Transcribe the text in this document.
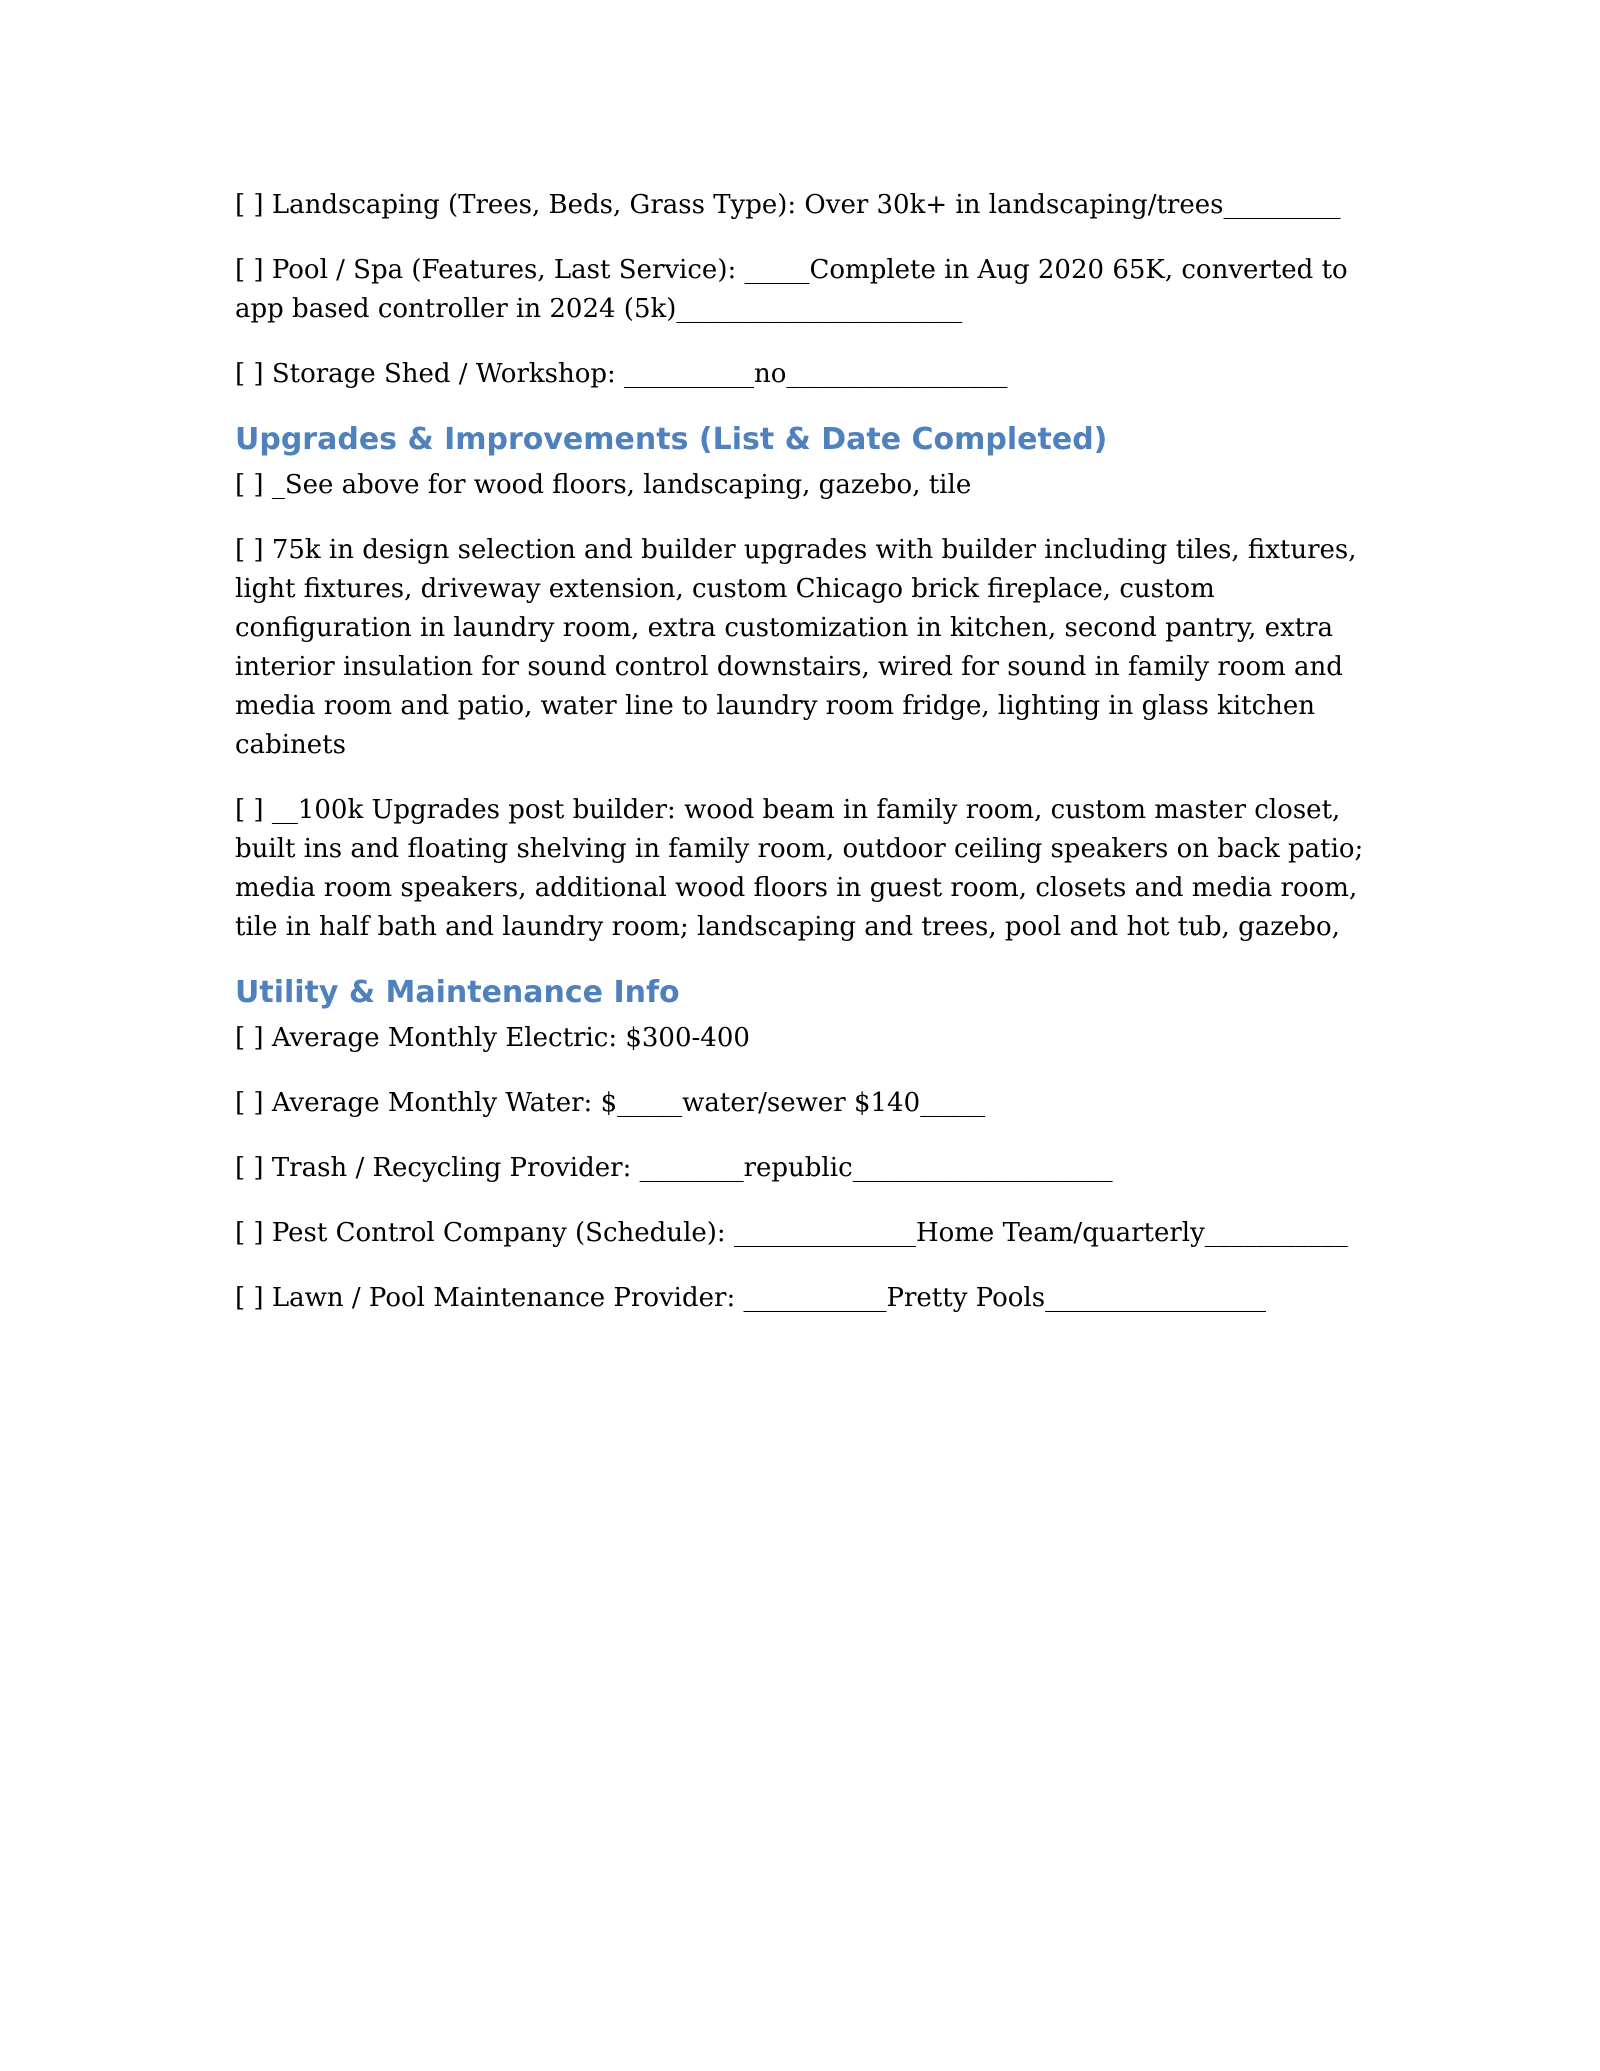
[ ] Landscaping (Trees, Beds, Grass Type): Over 30k+ in landscaping/trees_________

[ ] Pool / Spa (Features, Last Service): _____Complete in Aug 2020 65K, converted to app based controller in 2024 (5k)______________________

[ ] Storage Shed / Workshop: __________no_________________

Upgrades & Improvements (List & Date Completed)

[ ] _See above for wood floors, landscaping, gazebo, tile

[ ] 75k in design selection and builder upgrades with builder including tiles, fixtures, light fixtures, driveway extension, custom Chicago brick fireplace, custom configuration in laundry room, extra customization in kitchen, second pantry, extra interior insulation for sound control downstairs, wired for sound in family room and media room and patio, water line to laundry room fridge, lighting in glass kitchen cabinets

[ ] __100k Upgrades post builder: wood beam in family room, custom master closet, built ins and floating shelving in family room, outdoor ceiling speakers on back patio; media room speakers, additional wood floors in guest room, closets and media room, tile in half bath and laundry room; landscaping and trees, pool and hot tub, gazebo,

Utility & Maintenance Info

[ ] Average Monthly Electric: $300-400

[ ] Average Monthly Water: $_____water/sewer $140_____

[ ] Trash / Recycling Provider: ________republic____________________

[ ] Pest Control Company (Schedule): ______________Home Team/quarterly___________

[ ] Lawn / Pool Maintenance Provider: ___________Pretty Pools_________________
